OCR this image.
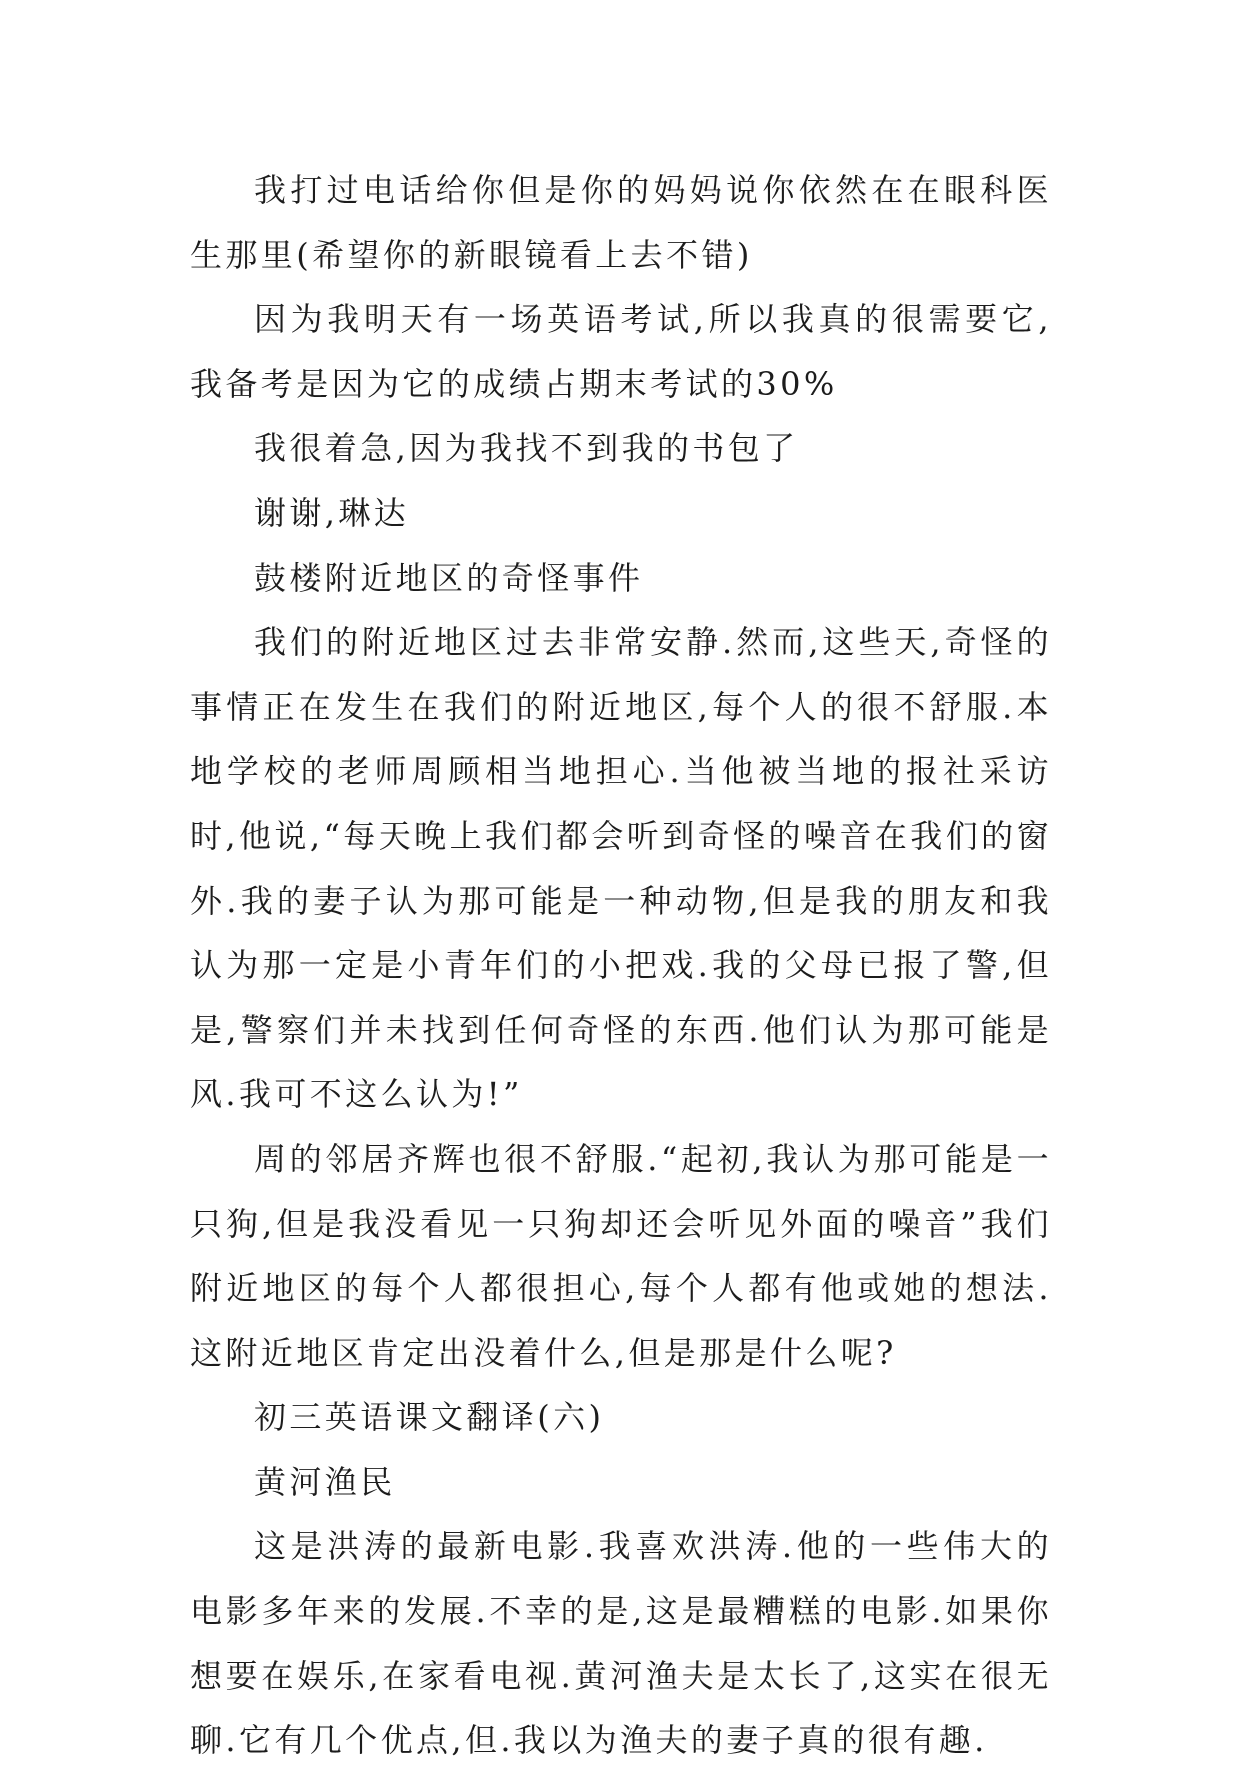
我打过电话给你但是你的妈妈说你依然在在眼科医生那里(希望你的新眼镜看上去不错)

因为我明天有一场英语考试,所以我真的很需要它,我备考是因为它的成绩占期末考试的30%

我很着急,因为我找不到我的书包了

谢谢,琳达

鼓楼附近地区的奇怪事件

我们的附近地区过去非常安静.然而,这些天,奇怪的事情正在发生在我们的附近地区,每个人的很不舒服.本地学校的老师周顾相当地担心.当他被当地的报社采访时,他说,“每天晚上我们都会听到奇怪的噪音在我们的窗外.我的妻子认为那可能是一种动物,但是我的朋友和我认为那一定是小青年们的小把戏.我的父母已报了警,但是,警察们并未找到任何奇怪的东西.他们认为那可能是风.我可不这么认为!”

周的邻居齐辉也很不舒服.“起初,我认为那可能是一只狗,但是我没看见一只狗却还会听见外面的噪音”我们附近地区的每个人都很担心,每个人都有他或她的想法.这附近地区肯定出没着什么,但是那是什么呢?

初三英语课文翻译(六)

黄河渔民

这是洪涛的最新电影.我喜欢洪涛.他的一些伟大的电影多年来的发展.不幸的是,这是最糟糕的电影.如果你想要在娱乐,在家看电视.黄河渔夫是太长了,这实在很无聊.它有几个优点,但.我以为渔夫的妻子真的很有趣.
